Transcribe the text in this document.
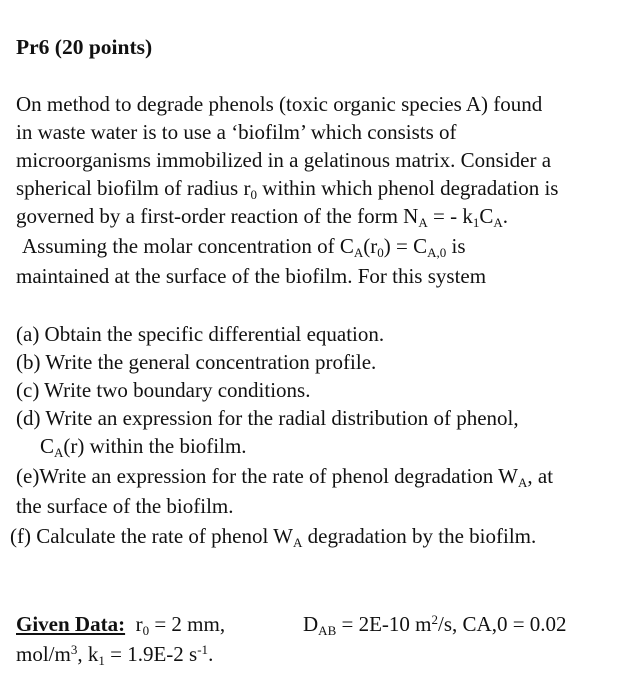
Pr6 (20 points)
On method to degrade phenols (toxic organic species A) found
in waste water is to use a ‘biofilm’ which consists of
microorganisms immobilized in a gelatinous matrix. Consider a
spherical biofilm of radius $r_0$ within which phenol degradation is
governed by a first-order reaction of the form $N_A$ = - $k_1C_A$.
Assuming the molar concentration of $C_A(r_0) = C_{A,0}$ is
maintained at the surface of the biofilm. For this system
(a) Obtain the specific differential equation.
(b) Write the general concentration profile.
(c) Write two boundary conditions.
(d) Write an expression for the radial distribution of phenol,
$C_A(r)$ within the biofilm.
(e)Write an expression for the rate of phenol degradation $W_A$, at
the surface of the biofilm.
(f) Calculate the rate of phenol $W_A$ degradation by the biofilm.
Given Data: $r_0 = 2$ mm,	$D_{AB} = 2E-10$ $m^2/s$, CA,0 = 0.02
mol/$m^3$, $k_1 = 1.9E-2$ $s^{-1}$.
